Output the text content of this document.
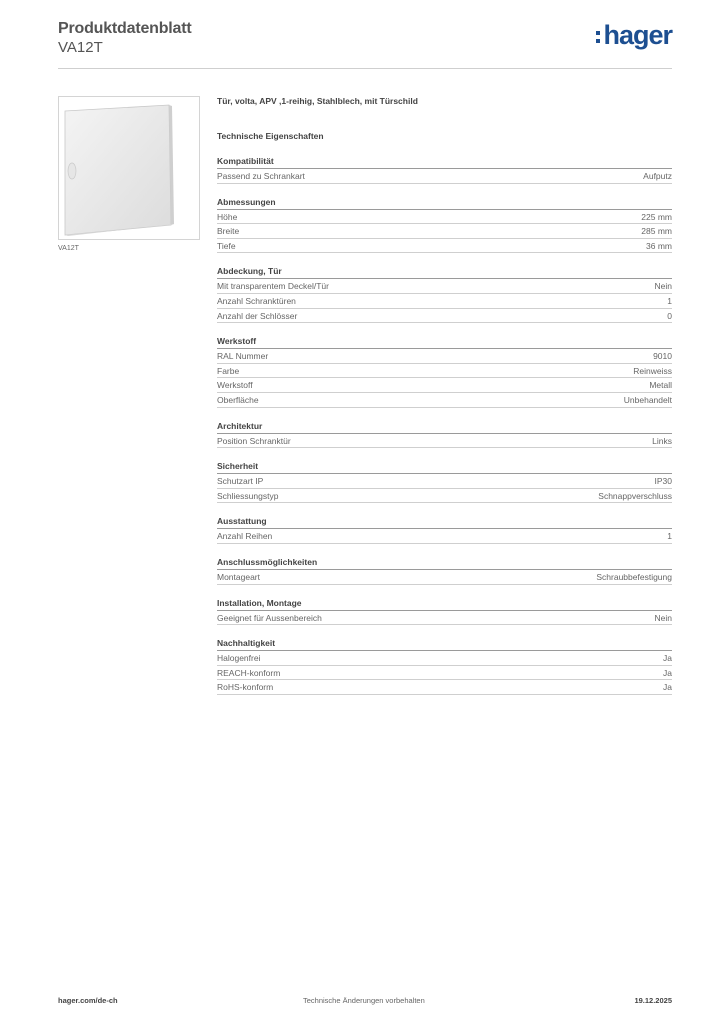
Produktdatenblatt
VA12T	hager
VA12T
Tür, volta, APV ,1-reihig, Stahlblech, mit Türschild
Technische Eigenschaften
Kompatibilität
Passend zu Schrankart	Aufputz
Abmessungen
Höhe	225 mm
Breite	285 mm
Tiefe	36 mm
Abdeckung, Tür
Mit transparentem Deckel/Tür	Nein
Anzahl Schranktüren	1
Anzahl der Schlösser	0
Werkstoff
RAL Nummer	9010
Farbe	Reinweiss
Werkstoff	Metall
Oberfläche	Unbehandelt
Architektur
Position Schranktür	Links
Sicherheit
Schutzart IP	IP30
Schliessungstyp	Schnappverschluss
Ausstattung
Anzahl Reihen	1
Anschlussmöglichkeiten
Montageart	Schraubbefestigung
Installation, Montage
Geeignet für Aussenbereich	Nein
Nachhaltigkeit
Halogenfrei	Ja
REACH-konform	Ja
RoHS-konform	Ja
hager.com/de-ch	Technische Änderungen vorbehalten	19.12.2025
